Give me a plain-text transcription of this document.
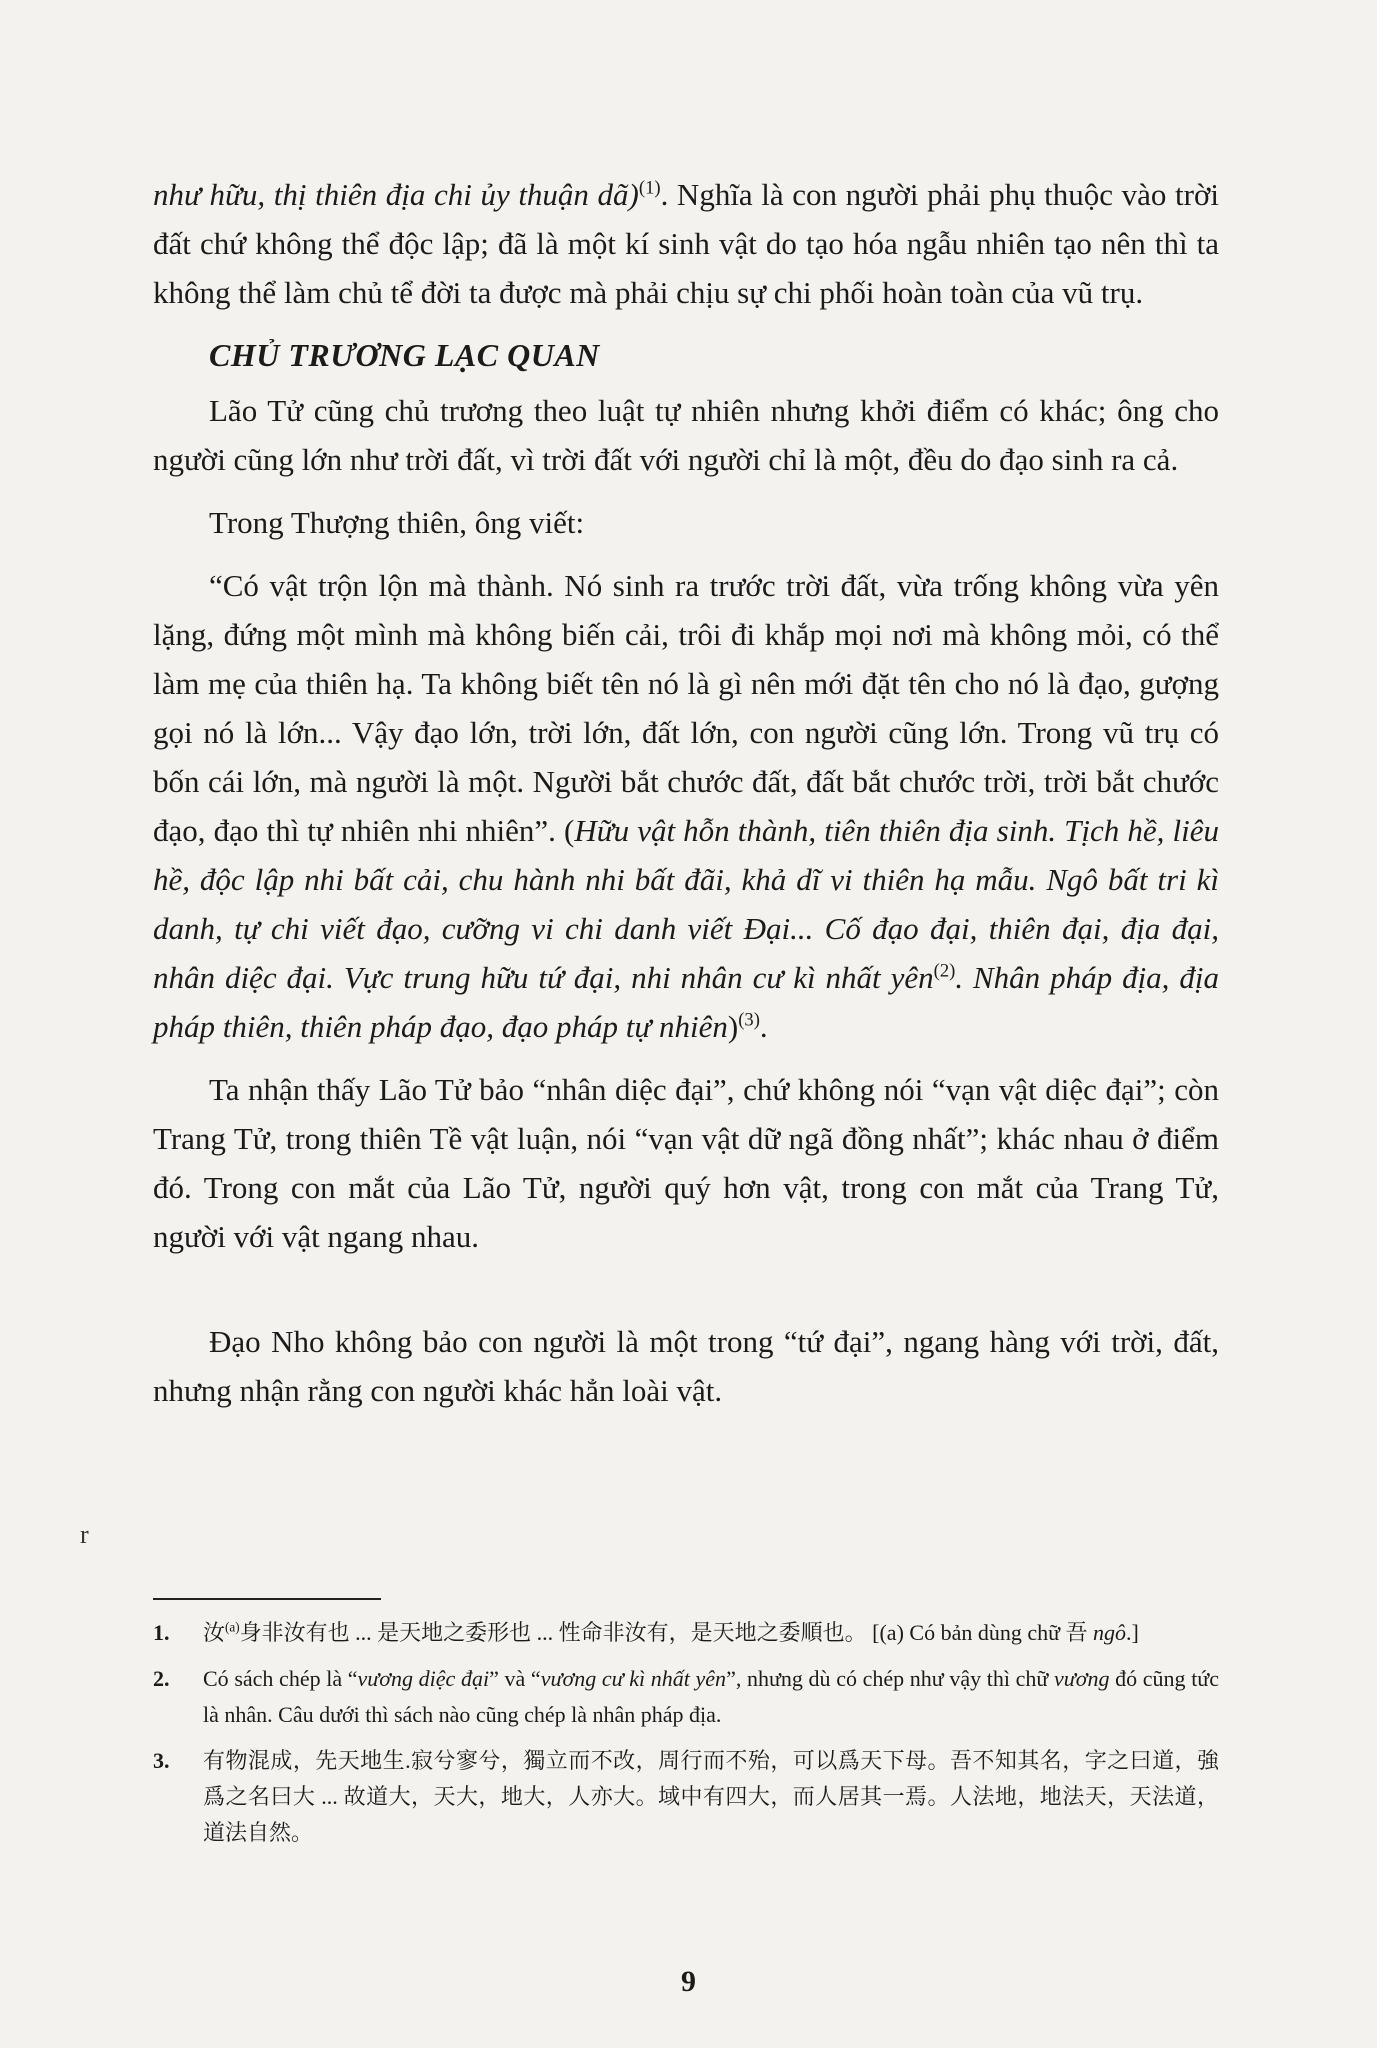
như hữu, thị thiên địa chi ủy thuận dã)$^{(1)}$. Nghĩa là con người phải phụ thuộc vào trời đất chứ không thể độc lập; đã là một kí sinh vật do tạo hóa ngẫu nhiên tạo nên thì ta không thể làm chủ tể đời ta được mà phải chịu sự chi phối hoàn toàn của vũ trụ.

CHỦ TRƯƠNG LẠC QUAN

Lão Tử cũng chủ trương theo luật tự nhiên nhưng khởi điểm có khác; ông cho người cũng lớn như trời đất, vì trời đất với người chỉ là một, đều do đạo sinh ra cả.

Trong Thượng thiên, ông viết:

“Có vật trộn lộn mà thành. Nó sinh ra trước trời đất, vừa trống không vừa yên lặng, đứng một mình mà không biến cải, trôi đi khắp mọi nơi mà không mỏi, có thể làm mẹ của thiên hạ. Ta không biết tên nó là gì nên mới đặt tên cho nó là đạo, gượng gọi nó là lớn... Vậy đạo lớn, trời lớn, đất lớn, con người cũng lớn. Trong vũ trụ có bốn cái lớn, mà người là một. Người bắt chước đất, đất bắt chước trời, trời bắt chước đạo, đạo thì tự nhiên nhi nhiên”. (Hữu vật hỗn thành, tiên thiên địa sinh. Tịch hề, liêu hề, độc lập nhi bất cải, chu hành nhi bất đãi, khả dĩ vi thiên hạ mẫu. Ngô bất tri kì danh, tự chi viết đạo, cưỡng vi chi danh viết Đại... Cố đạo đại, thiên đại, địa đại, nhân diệc đại. Vực trung hữu tứ đại, nhi nhân cư kì nhất yên$^{(2)}$. Nhân pháp địa, địa pháp thiên, thiên pháp đạo, đạo pháp tự nhiên)$^{(3)}$.

Ta nhận thấy Lão Tử bảo “nhân diệc đại”, chứ không nói “vạn vật diệc đại”; còn Trang Tử, trong thiên Tề vật luận, nói “vạn vật dữ ngã đồng nhất”; khác nhau ở điểm đó. Trong con mắt của Lão Tử, người quý hơn vật, trong con mắt của Trang Tử, người với vật ngang nhau.

Đạo Nho không bảo con người là một trong “tứ đại”, ngang hàng với trời, đất, nhưng nhận rằng con người khác hẳn loài vật.

r
1.	汝$^{(a)}$身非汝有也 ... 是天地之委形也 ... 性命非汝有，是天地之委順也。 [(a) Có bản dùng chữ 吾 ngô.]
2.	Có sách chép là “vương diệc đại” và “vương cư kì nhất yên”, nhưng dù có chép như vậy thì chữ vương đó cũng tức là nhân. Câu dưới thì sách nào cũng chép là nhân pháp địa.
3.	有物混成，先天地生.寂兮寥兮，獨立而不改，周行而不殆，可以爲天下母。吾不知其名，字之曰道，強爲之名曰大 ... 故道大，天大，地大，人亦大。域中有四大，而人居其一焉。人法地，地法天，天法道，道法自然。
9
